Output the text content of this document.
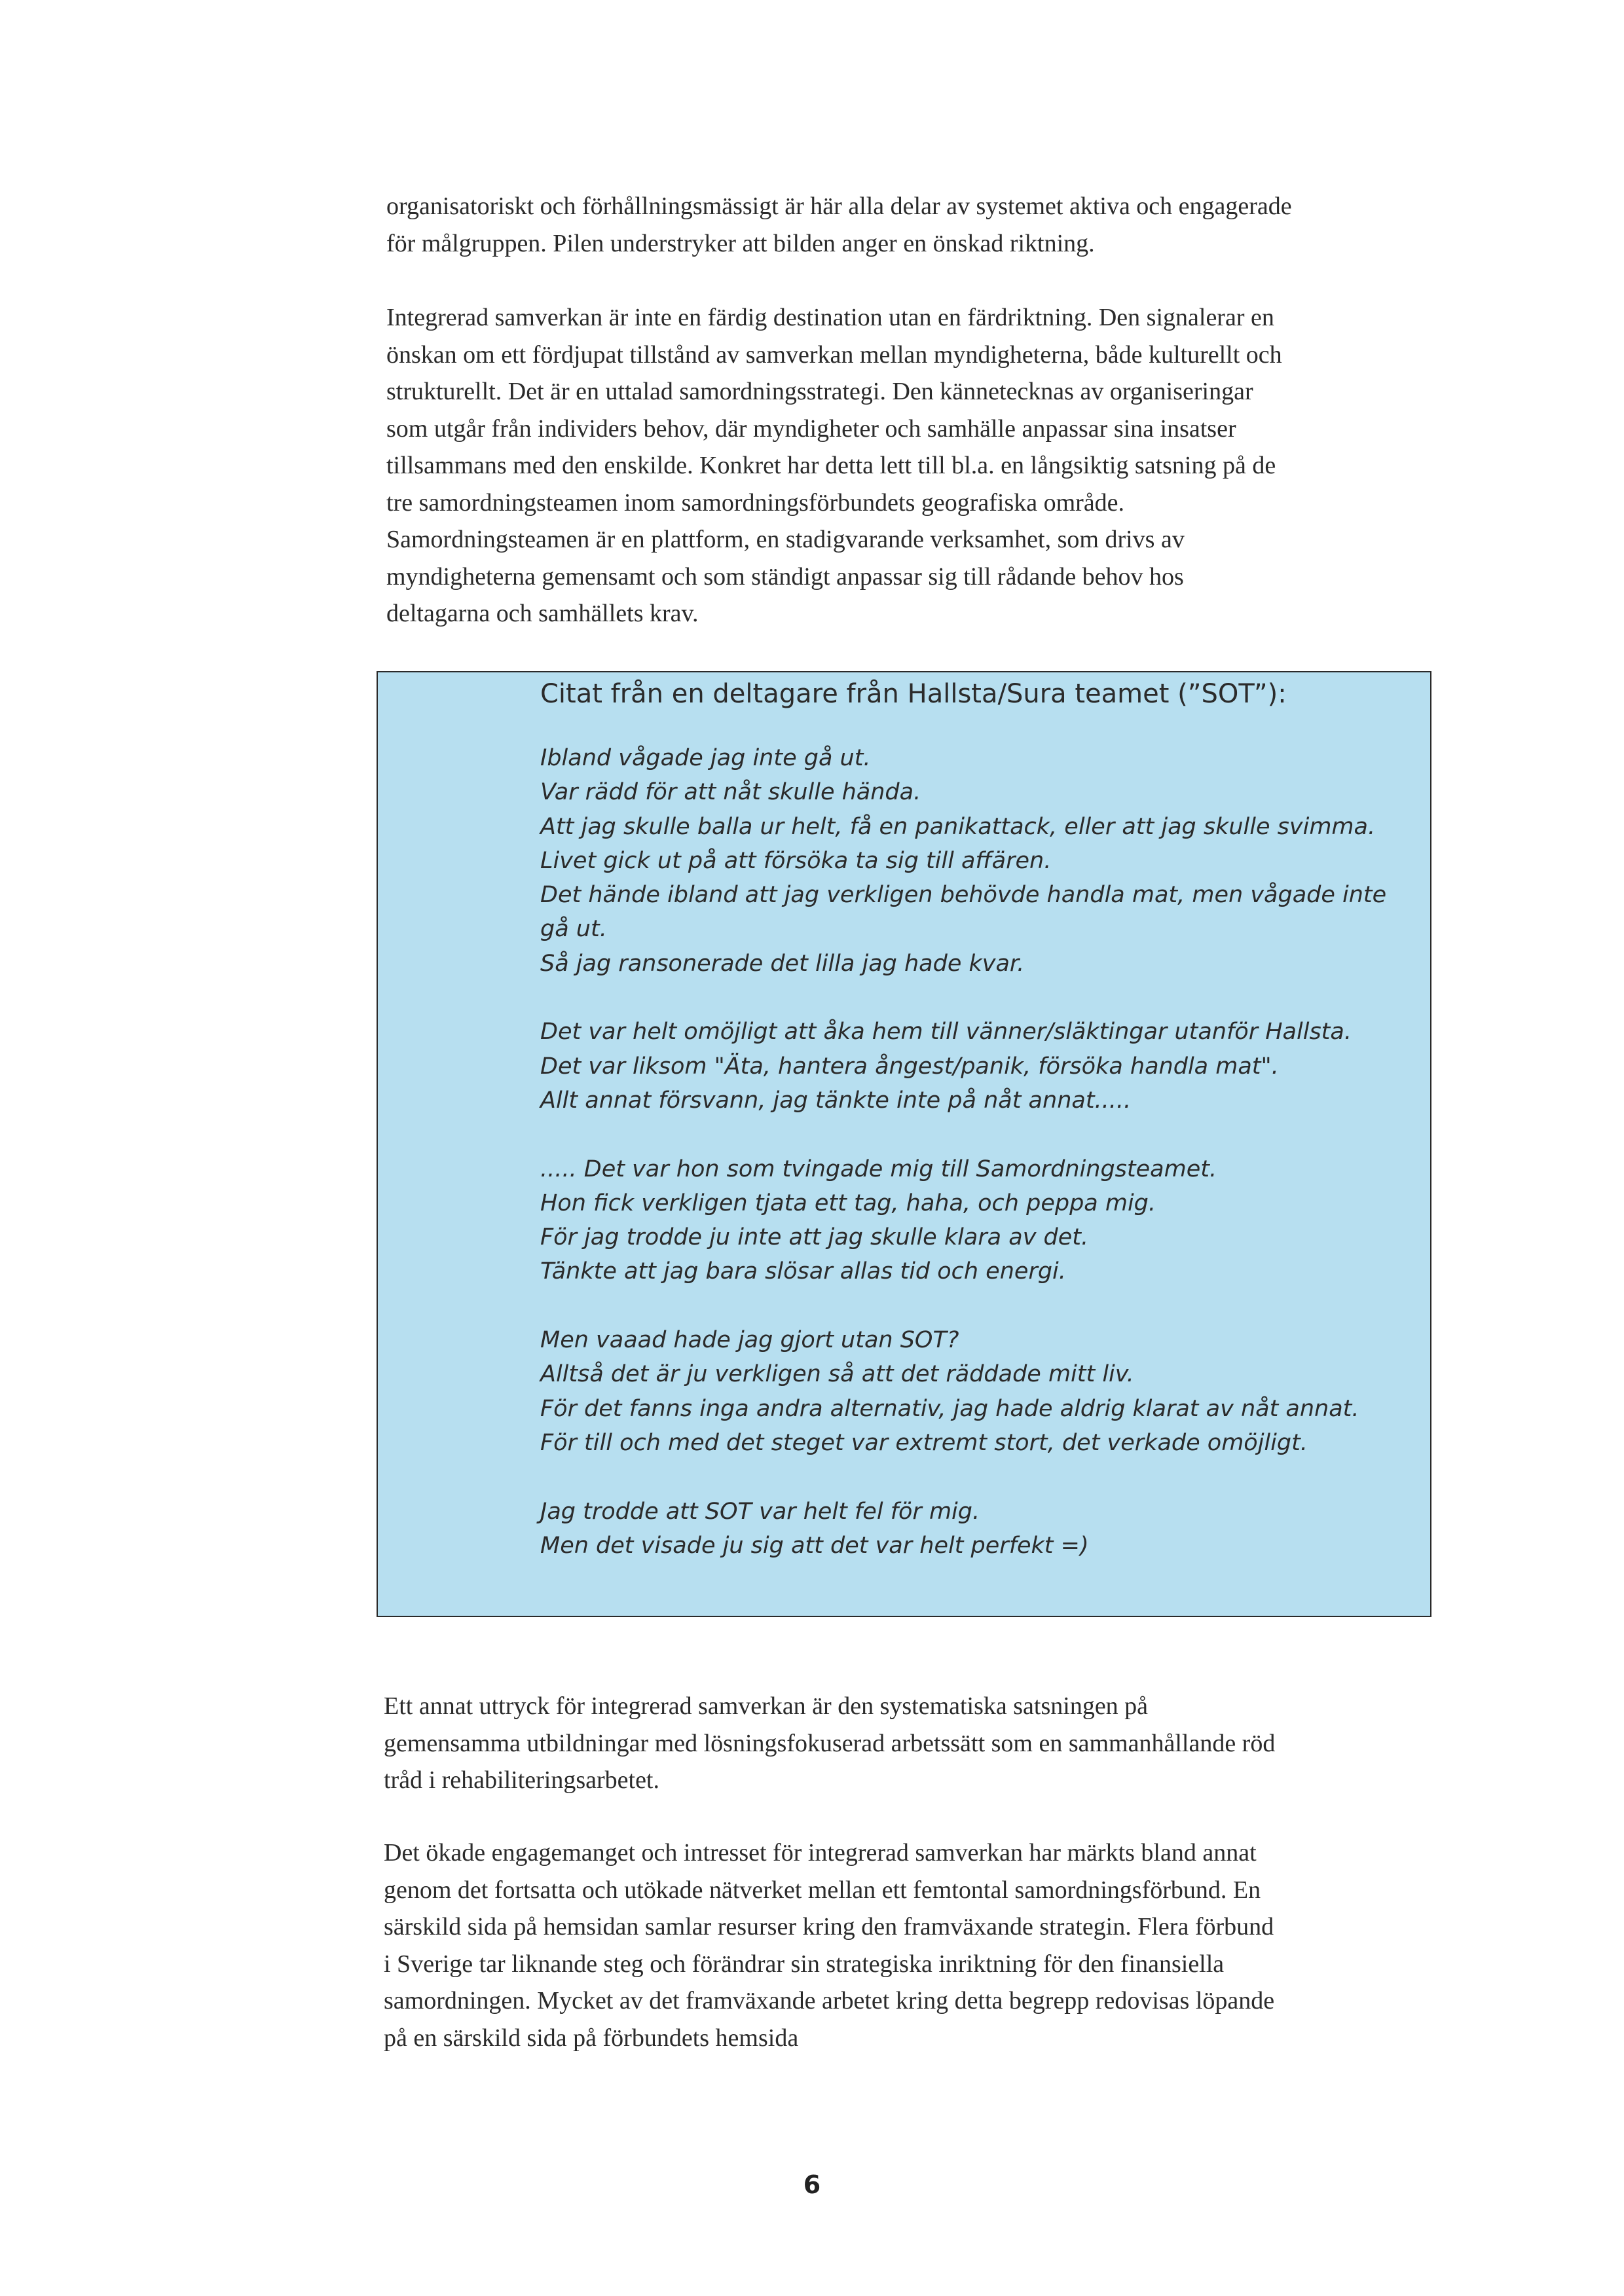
organisatoriskt och förhållningsmässigt är här alla delar av systemet aktiva och engagerade
för målgruppen. Pilen understryker att bilden anger en önskad riktning.

Integrerad samverkan är inte en färdig destination utan en färdriktning. Den signalerar en
önskan om ett fördjupat tillstånd av samverkan mellan myndigheterna, både kulturellt och
strukturellt. Det är en uttalad samordningsstrategi. Den kännetecknas av organiseringar
som utgår från individers behov, där myndigheter och samhälle anpassar sina insatser
tillsammans med den enskilde. Konkret har detta lett till bl.a. en långsiktig satsning på de
tre samordningsteamen inom samordningsförbundets geografiska område.
Samordningsteamen är en plattform, en stadigvarande verksamhet, som drivs av
myndigheterna gemensamt och som ständigt anpassar sig till rådande behov hos
deltagarna och samhällets krav.

Citat från en deltagare från Hallsta/Sura teamet (”SOT”):
Ibland vågade jag inte gå ut.
Var rädd för att nåt skulle hända.
Att jag skulle balla ur helt, få en panikattack, eller att jag skulle svimma.
Livet gick ut på att försöka ta sig till affären.
Det hände ibland att jag verkligen behövde handla mat, men vågade inte
gå ut.
Så jag ransonerade det lilla jag hade kvar.
Det var helt omöjligt att åka hem till vänner/släktingar utanför Hallsta.
Det var liksom "Äta, hantera ångest/panik, försöka handla mat".
Allt annat försvann, jag tänkte inte på nåt annat.....
..... Det var hon som tvingade mig till Samordningsteamet.
Hon fick verkligen tjata ett tag, haha, och peppa mig.
För jag trodde ju inte att jag skulle klara av det.
Tänkte att jag bara slösar allas tid och energi.
Men vaaad hade jag gjort utan SOT?
Alltså det är ju verkligen så att det räddade mitt liv.
För det fanns inga andra alternativ, jag hade aldrig klarat av nåt annat.
För till och med det steget var extremt stort, det verkade omöjligt.
Jag trodde att SOT var helt fel för mig.
Men det visade ju sig att det var helt perfekt =)

Ett annat uttryck för integrerad samverkan är den systematiska satsningen på
gemensamma utbildningar med lösningsfokuserad arbetssätt som en sammanhållande röd
tråd i rehabiliteringsarbetet.

Det ökade engagemanget och intresset för integrerad samverkan har märkts bland annat
genom det fortsatta och utökade nätverket mellan ett femtontal samordningsförbund. En
särskild sida på hemsidan samlar resurser kring den framväxande strategin. Flera förbund
i Sverige tar liknande steg och förändrar sin strategiska inriktning för den finansiella
samordningen. Mycket av det framväxande arbetet kring detta begrepp redovisas löpande
på en särskild sida på förbundets hemsida

6
